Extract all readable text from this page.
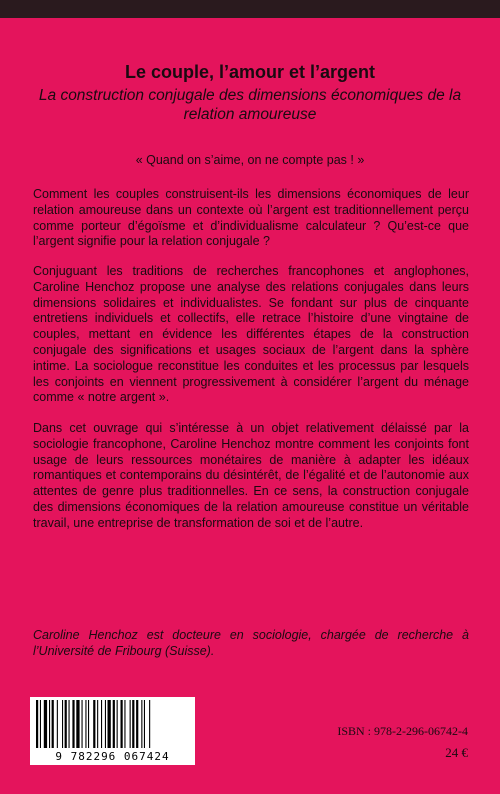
Le couple, l’amour et l’argent

La construction conjugale des dimensions économiques de la relation amoureuse

« Quand on s’aime, on ne compte pas ! »

Comment les couples construisent-ils les dimensions économiques de leur relation amoureuse dans un contexte où l’argent est traditionnellement perçu comme porteur d’égoïsme et d’individualisme calculateur ? Qu’est-ce que l’argent signifie pour la relation conjugale ?

Conjuguant les traditions de recherches francophones et anglophones, Caroline Henchoz propose une analyse des relations conjugales dans leurs dimensions solidaires et individualistes. Se fondant sur plus de cinquante entretiens individuels et collectifs, elle retrace l’histoire d’une vingtaine de couples, mettant en évidence les différentes étapes de la construction conjugale des significations et usages sociaux de l’argent dans la sphère intime. La sociologue reconstitue les conduites et les processus par lesquels les conjoints en viennent progressivement à considérer l’argent du ménage comme « notre argent ».

Dans cet ouvrage qui s’intéresse à un objet relativement délaissé par la sociologie francophone, Caroline Henchoz montre comment les conjoints font usage de leurs ressources monétaires de manière à adapter les idéaux romantiques et contemporains du désintérêt, de l’égalité et de l’autonomie aux attentes de genre plus traditionnelles. En ce sens, la construction conjugale des dimensions économiques de la relation amoureuse constitue un véritable travail, une entreprise de transformation de soi et de l’autre.

Caroline Henchoz est docteure en sociologie, chargée de recherche à l’Université de Fribourg (Suisse).

9 782296 067424
ISBN : 978-2-296-06742-4
24 €
